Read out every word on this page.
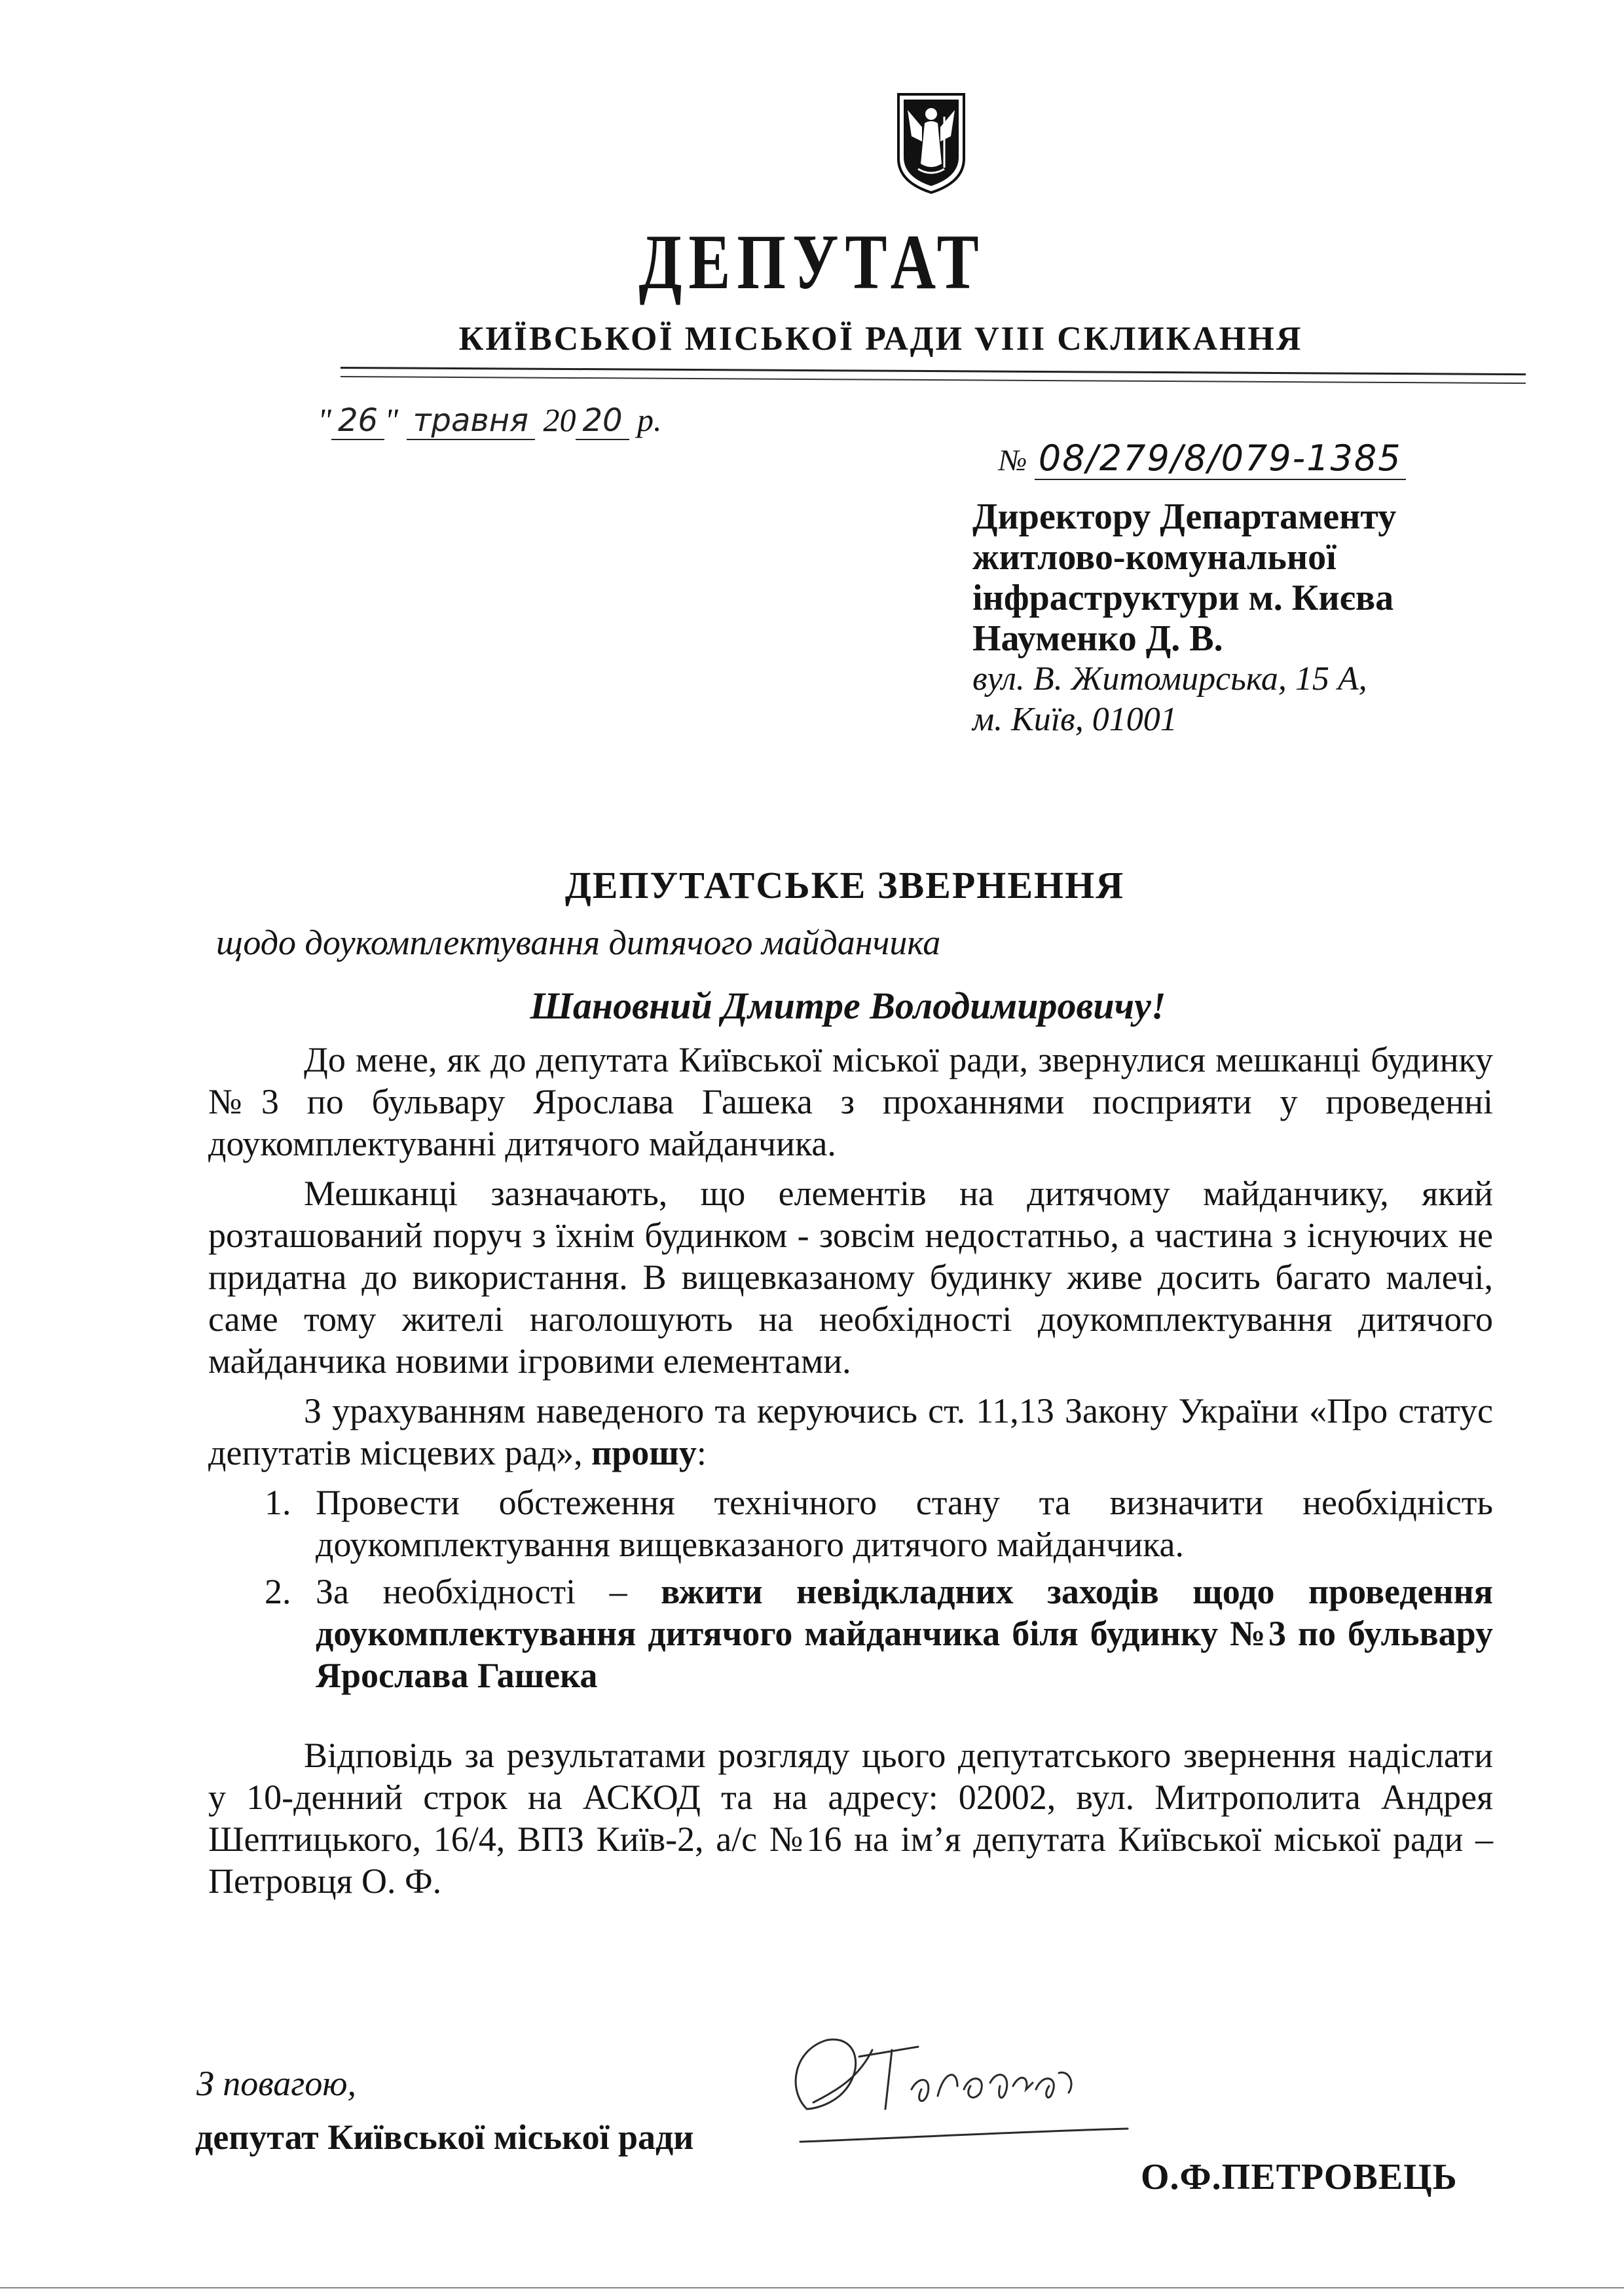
ДЕПУТАТ
КИЇВСЬКОЇ МІСЬКОЇ РАДИ VIII СКЛИКАННЯ
" 26 " травня 20 20 р.
№ 08/279/8/079-1385
Директору Департаменту
житлово-комунальної
інфраструктури м. Києва
Науменко Д. В.
вул. В. Житомирська, 15 А,
м. Київ, 01001
ДЕПУТАТСЬКЕ ЗВЕРНЕННЯ
щодо доукомплектування дитячого майданчика
Шановний Дмитре Володимировичу!

До мене, як до депутата Київської міської ради, звернулися мешканці будинку №3 по бульвару Ярослава Гашека з проханнями посприяти у проведенні доукомплектуванні дитячого майданчика.

Мешканці зазначають, що елементів на дитячому майданчику, який розташований поруч з їхнім будинком - зовсім недостатньо, а частина з існуючих не придатна до використання. В вищевказаному будинку живе досить багато малечі, саме тому жителі наголошують на необхідності доукомплектування дитячого майданчика новими ігровими елементами.

З урахуванням наведеного та керуючись ст. 11,13 Закону України «Про статус депутатів місцевих рад», прошу:

1. Провести обстеження технічного стану та визначити необхідність доукомплектування вищевказаного дитячого майданчика.
2. За необхідності – вжити невідкладних заходів щодо проведення доукомплектування дитячого майданчика біля будинку №3 по бульвару Ярослава Гашека

Відповідь за результатами розгляду цього депутатського звернення надіслати у 10-денний строк на АСКОД та на адресу: 02002, вул. Митрополита Андрея Шептицького, 16/4, ВПЗ Київ-2, а/с №16 на ім’я депутата Київської міської ради – Петровця О. Ф.

З повагою,
депутат Київської міської ради
О.Ф.ПЕТРОВЕЦЬ
